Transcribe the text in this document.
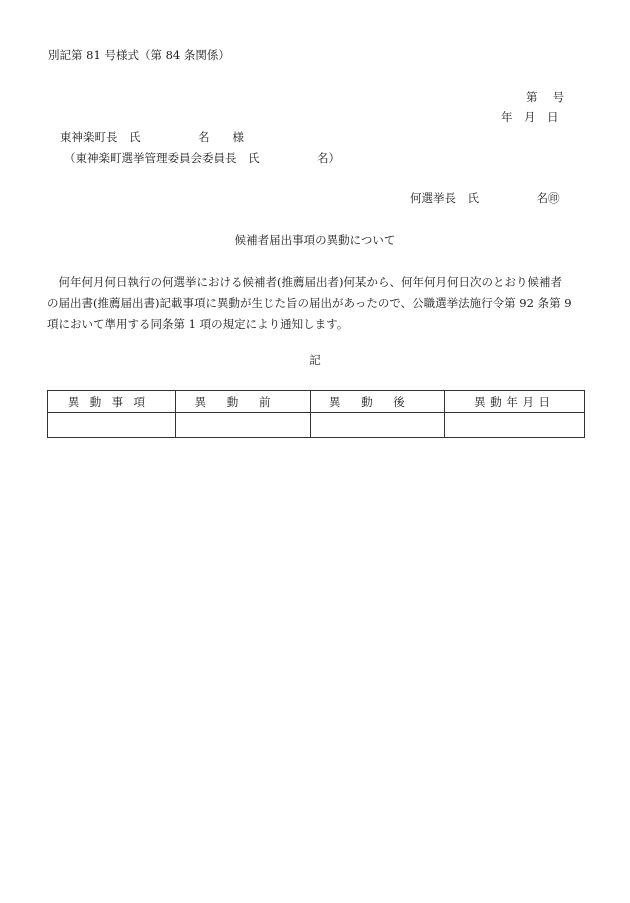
別記第 81 号様式（第 84 条関係）
第　 号
年　月　日
東神楽町長　氏　　　　　名　　様
（東神楽町選挙管理委員会委員長　氏　　　　　名）
何選挙長　氏　　　　　名㊞
候補者届出事項の異動について

　何年何月何日執行の何選挙における候補者(推薦届出者)何某から、何年何月何日次のとおり候補者

の届出書(推薦届出書)記載事項に異動が生じた旨の届出があったので、公職選挙法施行令第 92 条第 9

項において準用する同条第 1 項の規定により通知します。

記
異動事項	異動前	異動後	異動年月日
